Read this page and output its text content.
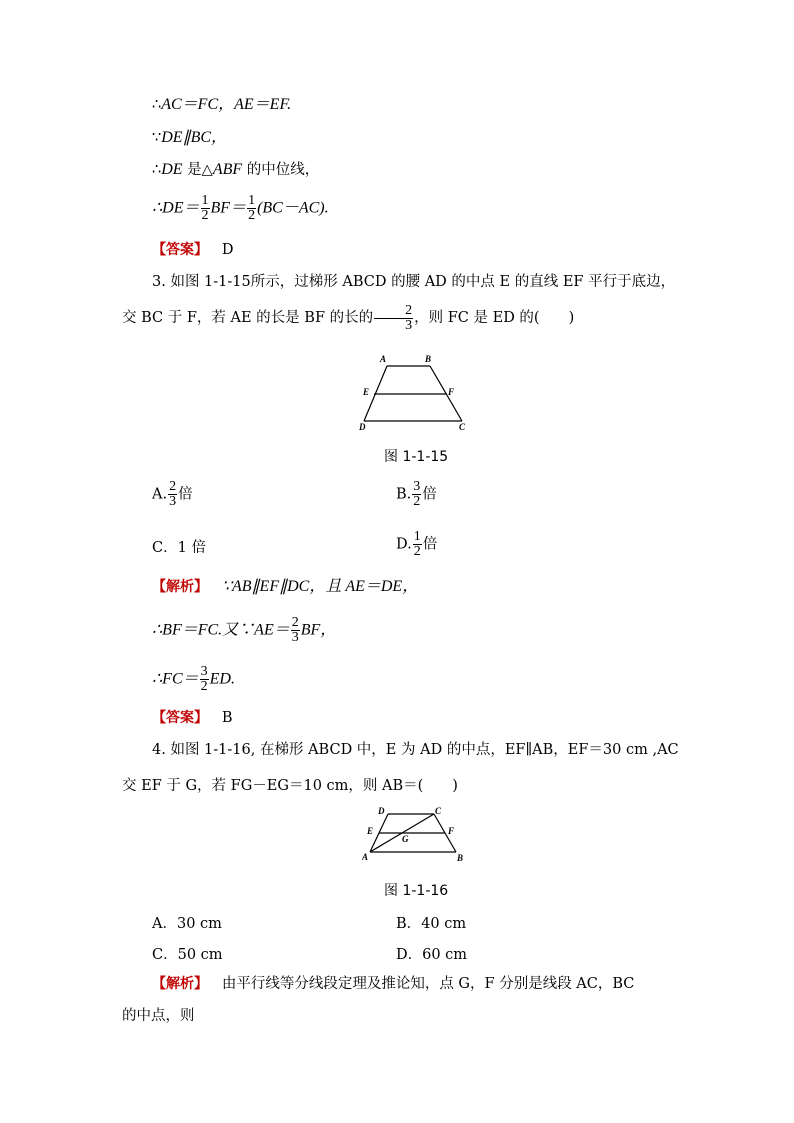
∴AC＝FC，AE＝EF.
∵DE∥BC，
∴DE 是△ABF 的中位线，
∴DE＝ $\frac{1}{2} BF= \frac{1}{2} (BC-AC)$.
【答案】 D
3. 如图 1-1-15所示，过梯形 ABCD 的腰 AD 的中点 E 的直线 EF 平行于底边，交 BC 于 F，若 AE 的长是 BF 的长的 $\frac{2}{3}$ ，则 FC 是 ED 的(　　)
A	B
C
D
E	F
图 1-1-15
A. $\frac{2}{3}$ 倍	B. $\frac{3}{2}$ 倍
C．1 倍	D. $\frac{1}{2}$ 倍
【解析】 ∵AB∥EF∥DC，且 AE＝DE，
∴BF＝FC.又∵AE＝ $\frac{2}{3}$ BF，
∴FC＝ $\frac{3}{2}$ ED.
【答案】 B
4. 如图 1-1-16, 在梯形 ABCD 中，E 为 AD 的中点，EF∥AB，EF＝30 cm ,AC 交 EF 于 G，若 FG－EG＝10 cm，则 AB＝(　　)
D	C
E	F
G
A	B
图 1-1-16
A．30 cm	B．40 cm
C．50 cm	D．60 cm
【解析】 由平行线等分线段定理及推论知，点 G，F 分别是线段 AC，BC
的中点，则
